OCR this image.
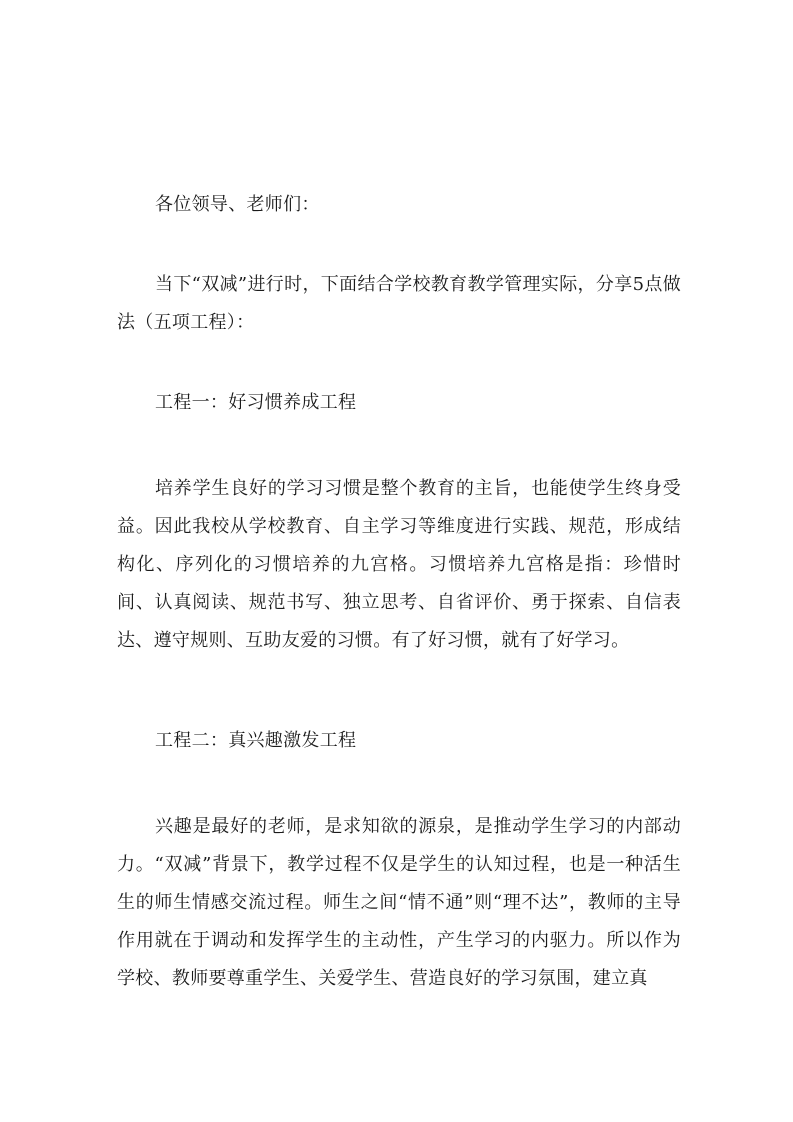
各位领导、老师们：

当下“双减”进行时，下面结合学校教育教学管理实际，分享5点做法（五项工程）：

工程一：好习惯养成工程

培养学生良好的学习习惯是整个教育的主旨，也能使学生终身受益。因此我校从学校教育、自主学习等维度进行实践、规范，形成结构化、序列化的习惯培养的九宫格。习惯培养九宫格是指：珍惜时间、认真阅读、规范书写、独立思考、自省评价、勇于探索、自信表达、遵守规则、互助友爱的习惯。有了好习惯，就有了好学习。

工程二：真兴趣激发工程

兴趣是最好的老师，是求知欲的源泉，是推动学生学习的内部动力。“双减”背景下，教学过程不仅是学生的认知过程，也是一种活生生的师生情感交流过程。师生之间“情不通”则“理不达”，教师的主导作用就在于调动和发挥学生的主动性，产生学习的内驱力。所以作为学校、教师要尊重学生、关爱学生、营造良好的学习氛围，建立真
